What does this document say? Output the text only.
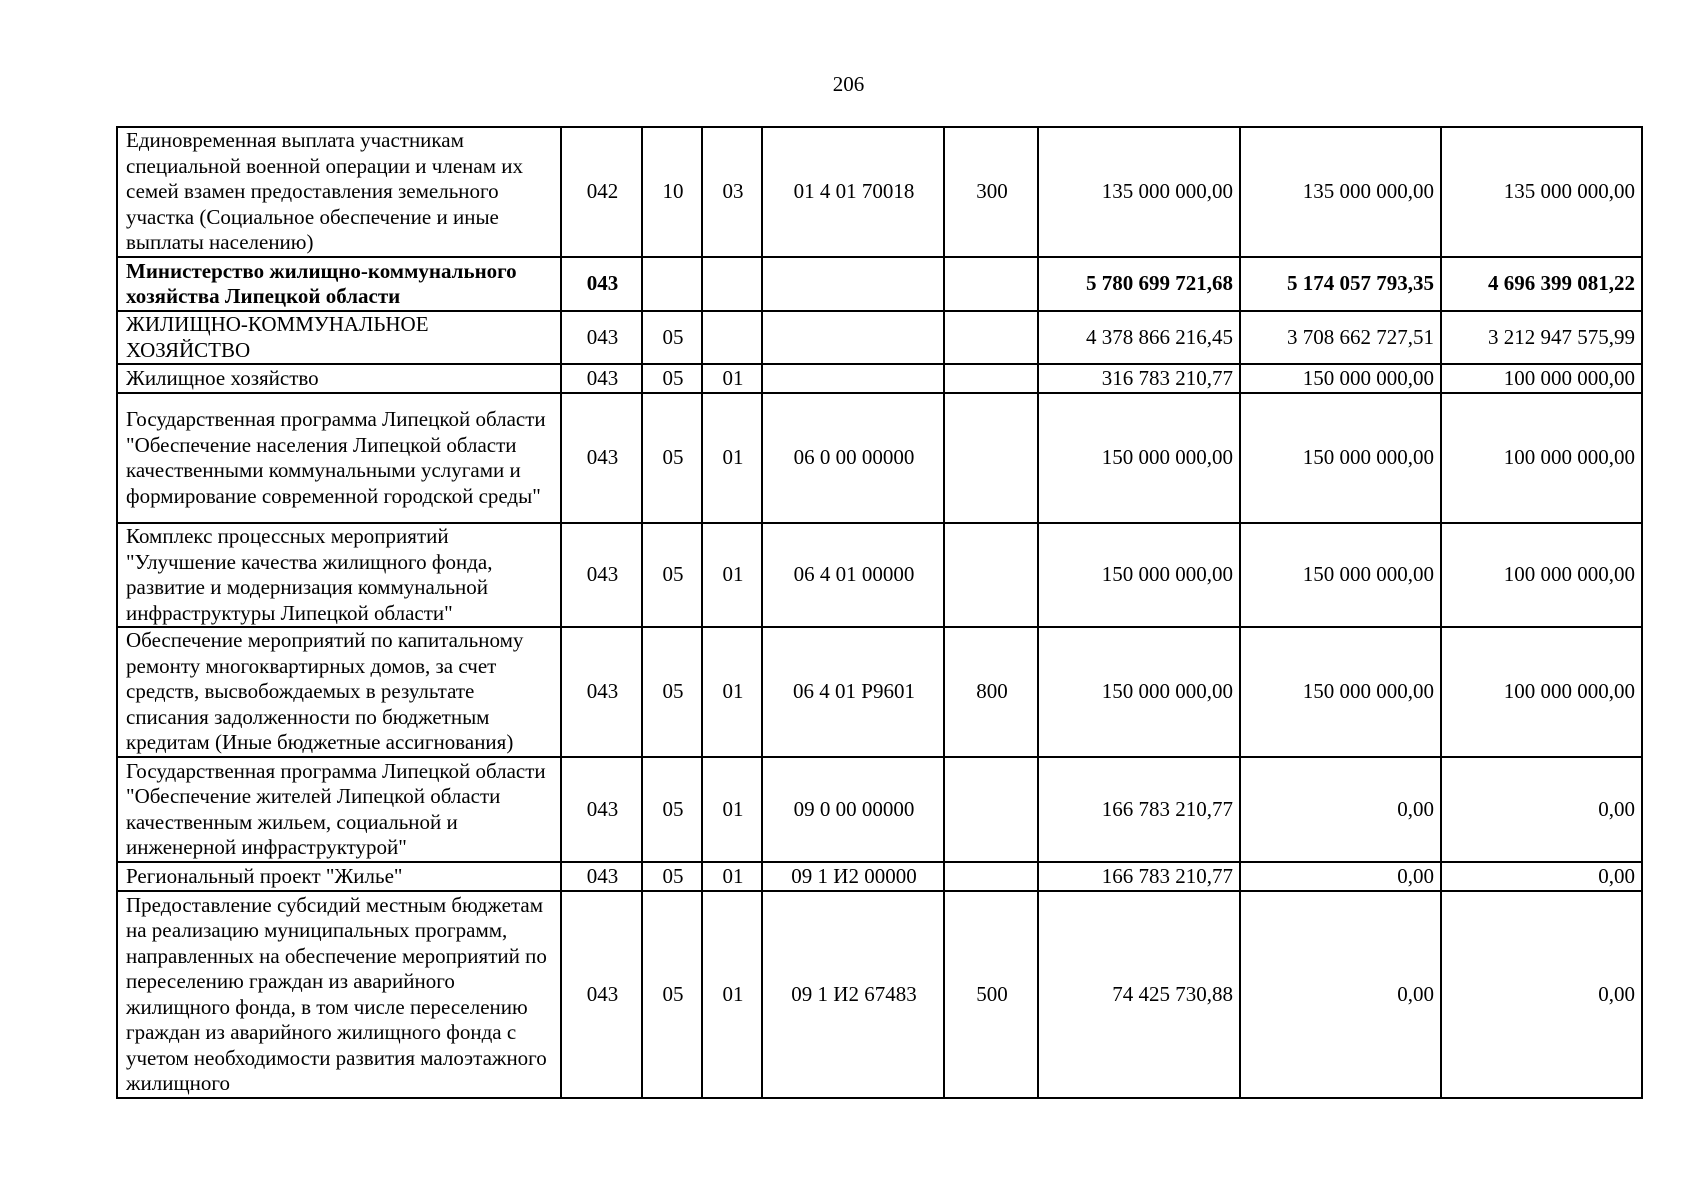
206
Единовременная выплата участникам специальной военной операции и членам их семей взамен предоставления земельного участка (Социальное обеспечение и иные выплаты населению)	042	10	03	01 4 01 70018	300	135 000 000,00	135 000 000,00	135 000 000,00
Министерство жилищно-коммунального хозяйства Липецкой области	043					5 780 699 721,68	5 174 057 793,35	4 696 399 081,22
ЖИЛИЩНО-КОММУНАЛЬНОЕ ХОЗЯЙСТВО	043	05				4 378 866 216,45	3 708 662 727,51	3 212 947 575,99
Жилищное хозяйство	043	05	01			316 783 210,77	150 000 000,00	100 000 000,00
Государственная программа Липецкой области "Обеспечение населения Липецкой области качественными коммунальными услугами и формирование современной городской среды"	043	05	01	06 0 00 00000		150 000 000,00	150 000 000,00	100 000 000,00
Комплекс процессных мероприятий "Улучшение качества жилищного фонда, развитие и модернизация коммунальной инфраструктуры Липецкой области"	043	05	01	06 4 01 00000		150 000 000,00	150 000 000,00	100 000 000,00
Обеспечение мероприятий по капитальному ремонту многоквартирных домов, за счет средств, высвобождаемых в результате списания задолженности по бюджетным кредитам (Иные бюджетные ассигнования)	043	05	01	06 4 01 Р9601	800	150 000 000,00	150 000 000,00	100 000 000,00
Государственная программа Липецкой области "Обеспечение жителей Липецкой области качественным жильем, социальной и инженерной инфраструктурой"	043	05	01	09 0 00 00000		166 783 210,77	0,00	0,00
Региональный проект "Жилье"	043	05	01	09 1 И2 00000		166 783 210,77	0,00	0,00
Предоставление субсидий местным бюджетам на реализацию муниципальных программ, направленных на обеспечение мероприятий по переселению граждан из аварийного жилищного фонда, в том числе переселению граждан из аварийного жилищного фонда с учетом необходимости развития малоэтажного жилищного	043	05	01	09 1 И2 67483	500	74 425 730,88	0,00	0,00
